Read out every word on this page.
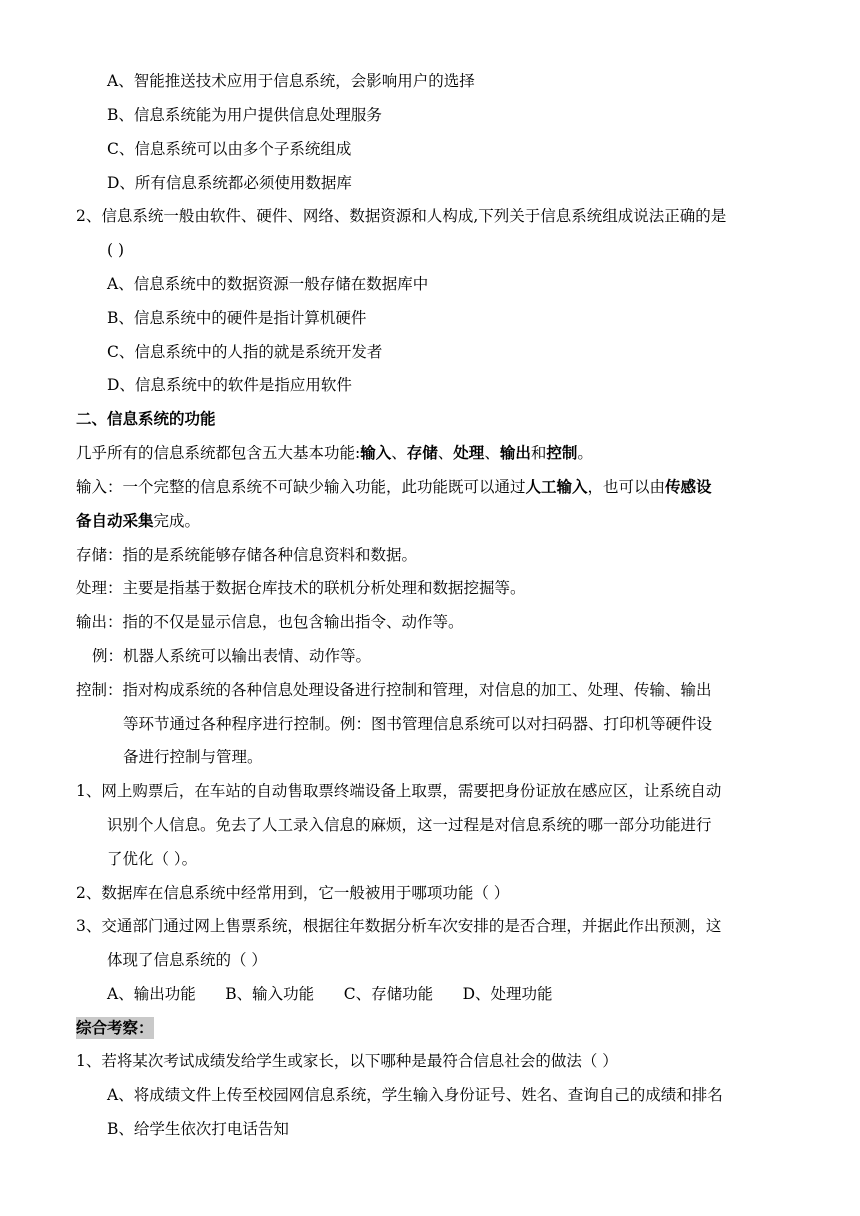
A、智能推送技术应用于信息系统，会影响用户的选择
B、信息系统能为用户提供信息处理服务
C、信息系统可以由多个子系统组成
D、所有信息系统都必须使用数据库
2、信息系统一般由软件、硬件、网络、数据资源和人构成,下列关于信息系统组成说法正确的是
( )
A、信息系统中的数据资源一般存储在数据库中
B、信息系统中的硬件是指计算机硬件
C、信息系统中的人指的就是系统开发者
D、信息系统中的软件是指应用软件
二、信息系统的功能
几乎所有的信息系统都包含五大基本功能:输入、存储、处理、输出和控制。
输入：一个完整的信息系统不可缺少输入功能，此功能既可以通过人工输入，也可以由传感设
备自动采集完成。
存储：指的是系统能够存储各种信息资料和数据。
处理：主要是指基于数据仓库技术的联机分析处理和数据挖掘等。
输出：指的不仅是显示信息，也包含输出指令、动作等。
例：机器人系统可以输出表情、动作等。
控制：指对构成系统的各种信息处理设备进行控制和管理，对信息的加工、处理、传输、输出
等环节通过各种程序进行控制。例：图书管理信息系统可以对扫码器、打印机等硬件设
备进行控制与管理。
1、网上购票后，在车站的自动售取票终端设备上取票，需要把身份证放在感应区，让系统自动
识别个人信息。免去了人工录入信息的麻烦，这一过程是对信息系统的哪一部分功能进行
了优化（ ）。
2、数据库在信息系统中经常用到，它一般被用于哪项功能（ ）
3、交通部门通过网上售票系统，根据往年数据分析车次安排的是否合理，并据此作出预测，这
体现了信息系统的（ ）
A、输出功能      B、输入功能      C、存储功能      D、处理功能
综合考察：
1、若将某次考试成绩发给学生或家长，以下哪种是最符合信息社会的做法（ ）
A、将成绩文件上传至校园网信息系统，学生输入身份证号、姓名、查询自己的成绩和排名
B、给学生依次打电话告知
